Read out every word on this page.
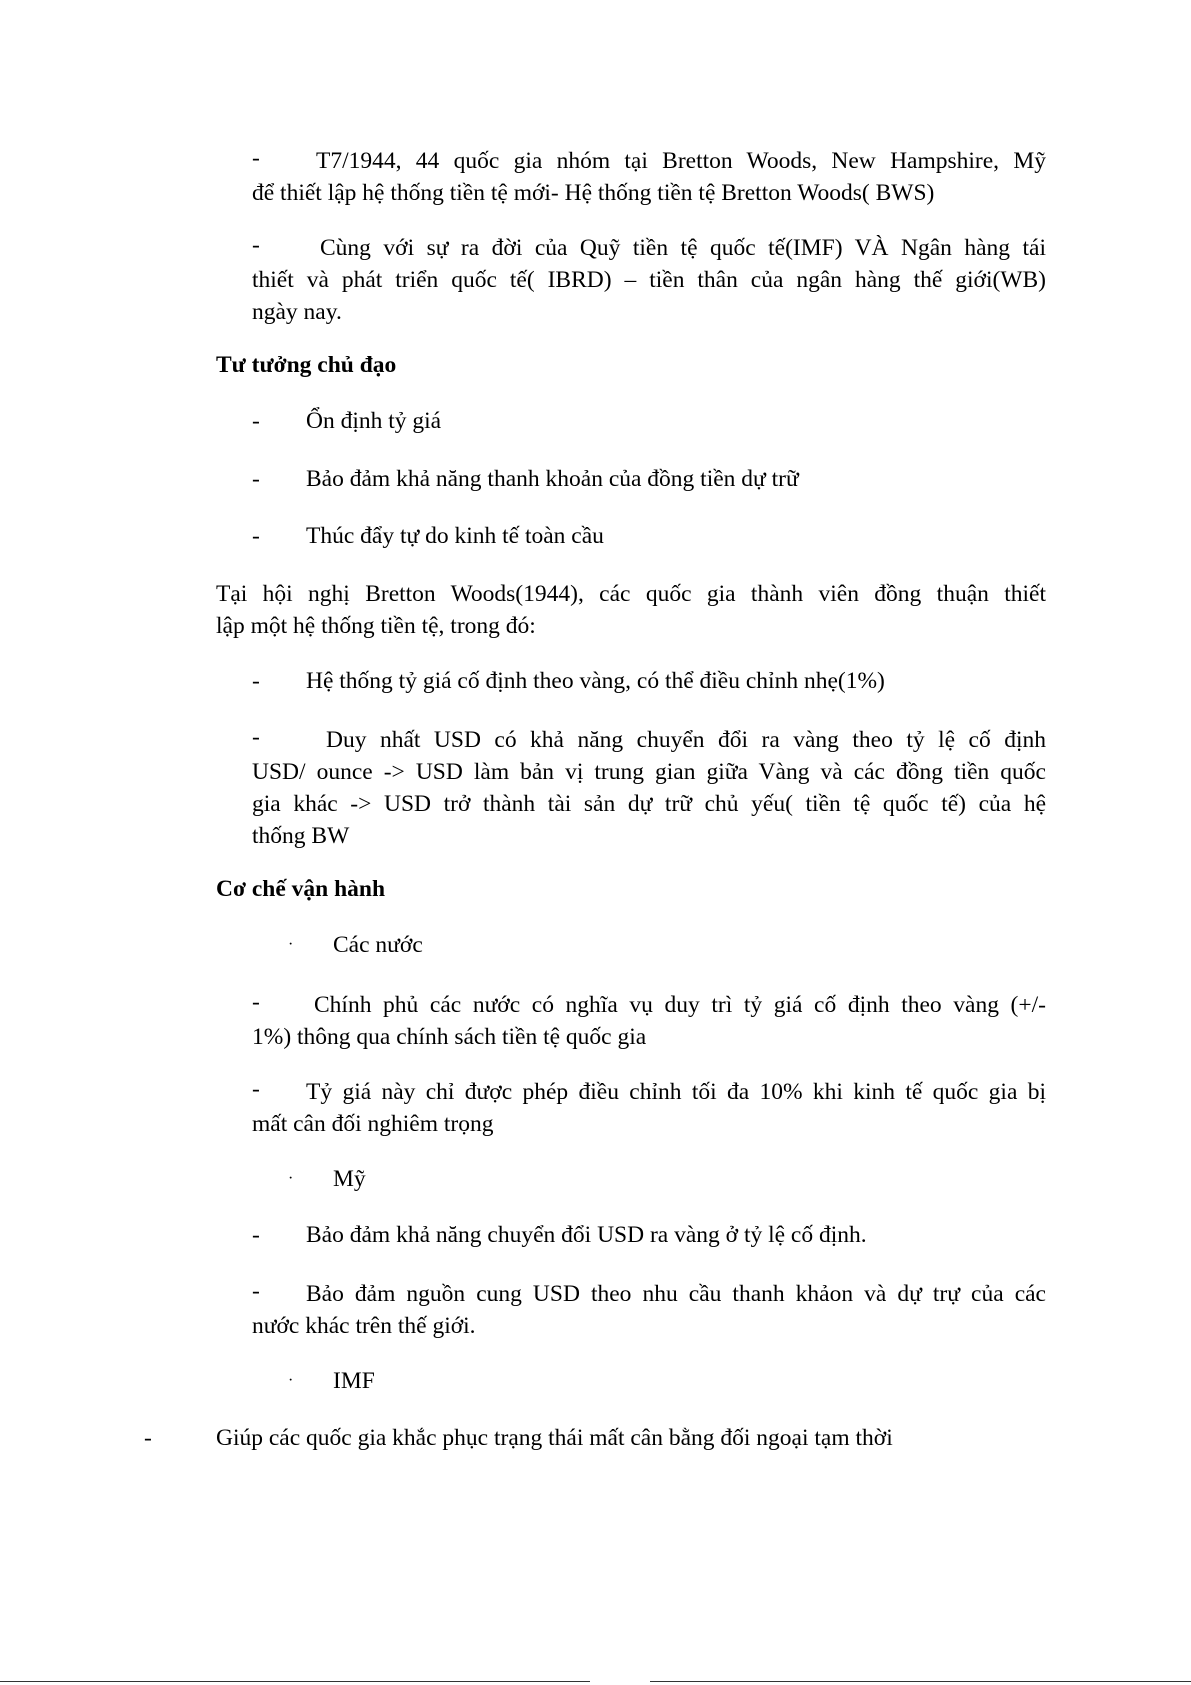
-	T7/1944, 44 quốc gia nhóm tại Bretton Woods, New Hampshire, Mỹ
để thiết lập hệ thống tiền tệ mới- Hệ thống tiền tệ Bretton Woods( BWS)
-	Cùng với sự ra đời của Quỹ tiền tệ quốc tế(IMF) VÀ Ngân hàng tái
thiết và phát triển quốc tế( IBRD) – tiền thân của ngân hàng thế giới(WB)
ngày nay.
Tư tưởng chủ đạo
- Ổn định tỷ giá
- Bảo đảm khả năng thanh khoản của đồng tiền dự trữ
- Thúc đẩy tự do kinh tế toàn cầu
Tại hội nghị Bretton Woods(1944), các quốc gia thành viên đồng thuận thiết
lập một hệ thống tiền tệ, trong đó:
- Hệ thống tỷ giá cố định theo vàng, có thể điều chỉnh nhẹ(1%)
-	Duy nhất USD có khả năng chuyển đổi ra vàng theo tỷ lệ cố định
USD/ ounce -> USD làm bản vị trung gian giữa Vàng và các đồng tiền quốc
gia khác -> USD trở thành tài sản dự trữ chủ yếu( tiền tệ quốc tế) của hệ
thống BW
Cơ chế vận hành
· Các nước
-	Chính phủ các nước có nghĩa vụ duy trì tỷ giá cố định theo vàng (+/-
1%) thông qua chính sách tiền tệ quốc gia
-	Tỷ giá này chỉ được phép điều chỉnh tối đa 10% khi kinh tế quốc gia bị
mất cân đối nghiêm trọng
· Mỹ
- Bảo đảm khả năng chuyển đổi USD ra vàng ở tỷ lệ cố định.
-	Bảo đảm nguồn cung USD theo nhu cầu thanh khảon và dự trự của các
nước khác trên thế giới.
· IMF
-	Giúp các quốc gia khắc phục trạng thái mất cân bằng đối ngoại tạm thời
